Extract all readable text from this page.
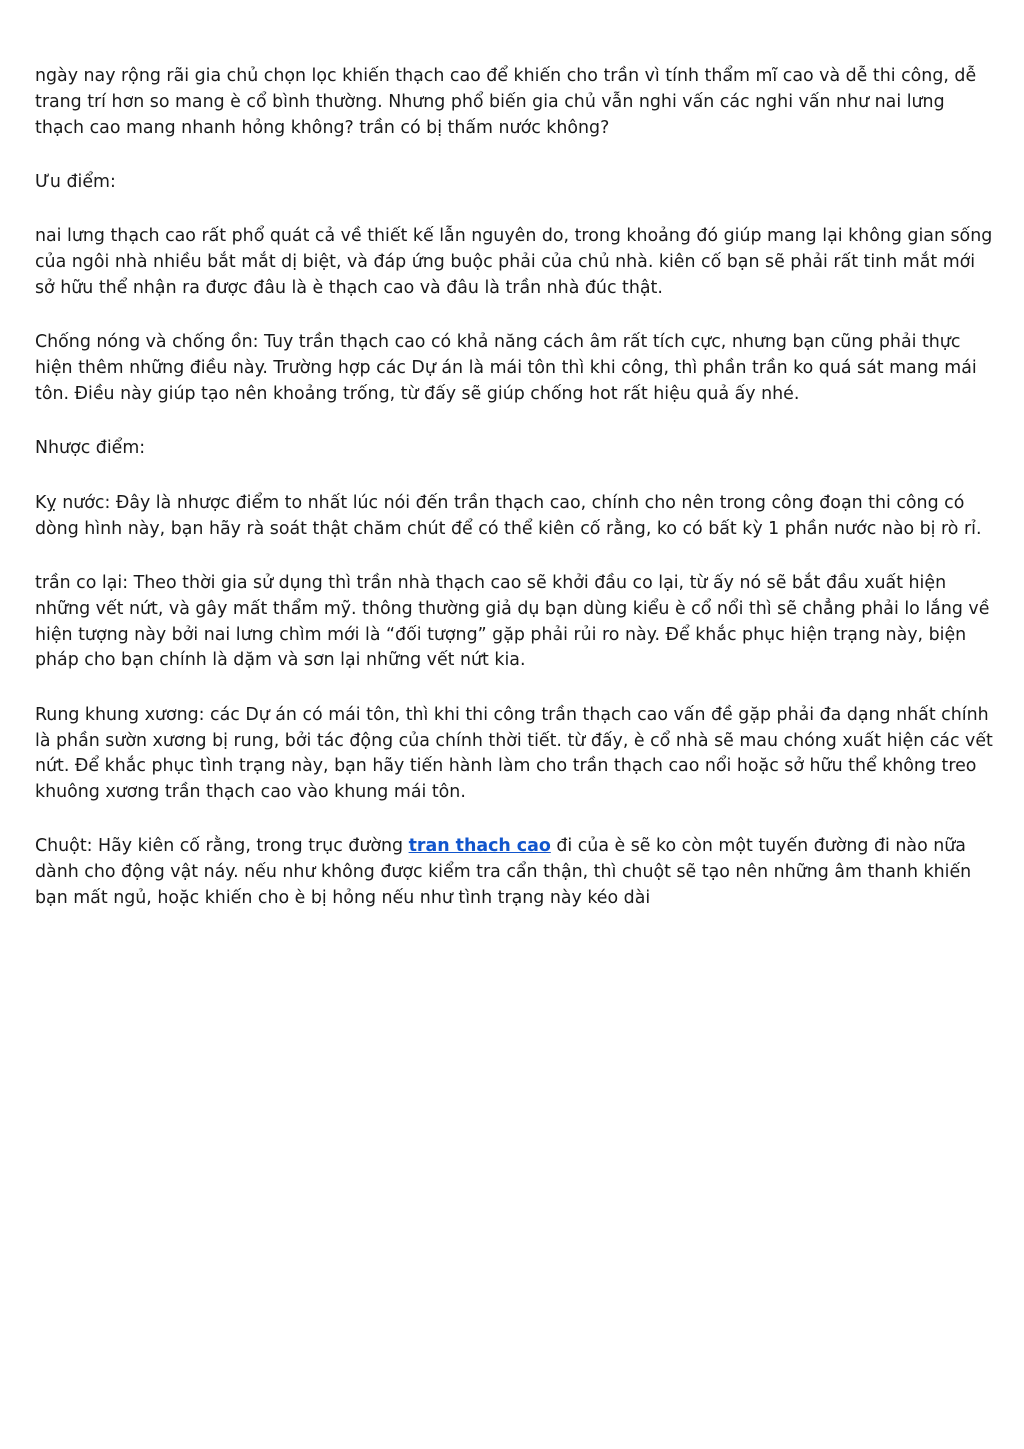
ngày nay rộng rãi gia chủ chọn lọc khiến thạch cao để khiến cho trần vì tính thẩm mĩ cao và dễ thi công, dễ trang trí hơn so mang è cổ bình thường. Nhưng phổ biến gia chủ vẫn nghi vấn các nghi vấn như nai lưng thạch cao mang nhanh hỏng không? trần có bị thấm nước không?

Ưu điểm:

nai lưng thạch cao rất phổ quát cả về thiết kế lẫn nguyên do, trong khoảng đó giúp mang lại không gian sống của ngôi nhà nhiều bắt mắt dị biệt, và đáp ứng buộc phải của chủ nhà. kiên cố bạn sẽ phải rất tinh mắt mới sở hữu thể nhận ra được đâu là è thạch cao và đâu là trần nhà đúc thật.

Chống nóng và chống ồn: Tuy trần thạch cao có khả năng cách âm rất tích cực, nhưng bạn cũng phải thực hiện thêm những điều này. Trường hợp các Dự án là mái tôn thì khi công, thì phần trần ko quá sát mang mái tôn. Điều này giúp tạo nên khoảng trống, từ đấy sẽ giúp chống hot rất hiệu quả ấy nhé.

Nhược điểm:

Kỵ nước: Đây là nhược điểm to nhất lúc nói đến trần thạch cao, chính cho nên trong công đoạn thi công có dòng hình này, bạn hãy rà soát thật chăm chút để có thể kiên cố rằng, ko có bất kỳ 1 phần nước nào bị rò rỉ.

trần co lại: Theo thời gia sử dụng thì trần nhà thạch cao sẽ khởi đầu co lại, từ ấy nó sẽ bắt đầu xuất hiện những vết nứt, và gây mất thẩm mỹ. thông thường giả dụ bạn dùng kiểu è cổ nổi thì sẽ chẳng phải lo lắng về hiện tượng này bởi nai lưng chìm mới là “đối tượng” gặp phải rủi ro này. Để khắc phục hiện trạng này, biện pháp cho bạn chính là dặm và sơn lại những vết nứt kia.

Rung khung xương: các Dự án có mái tôn, thì khi thi công trần thạch cao vấn đề gặp phải đa dạng nhất chính là phần sườn xương bị rung, bởi tác động của chính thời tiết. từ đấy, è cổ nhà sẽ mau chóng xuất hiện các vết nứt. Để khắc phục tình trạng này, bạn hãy tiến hành làm cho trần thạch cao nổi hoặc sở hữu thể không treo khuông xương trần thạch cao vào khung mái tôn.

Chuột: Hãy kiên cố rằng, trong trục đường tran thach cao đi của è sẽ ko còn một tuyến đường đi nào nữa dành cho động vật náy. nếu như không được kiểm tra cẩn thận, thì chuột sẽ tạo nên những âm thanh khiến bạn mất ngủ, hoặc khiến cho è bị hỏng nếu như tình trạng này kéo dài
